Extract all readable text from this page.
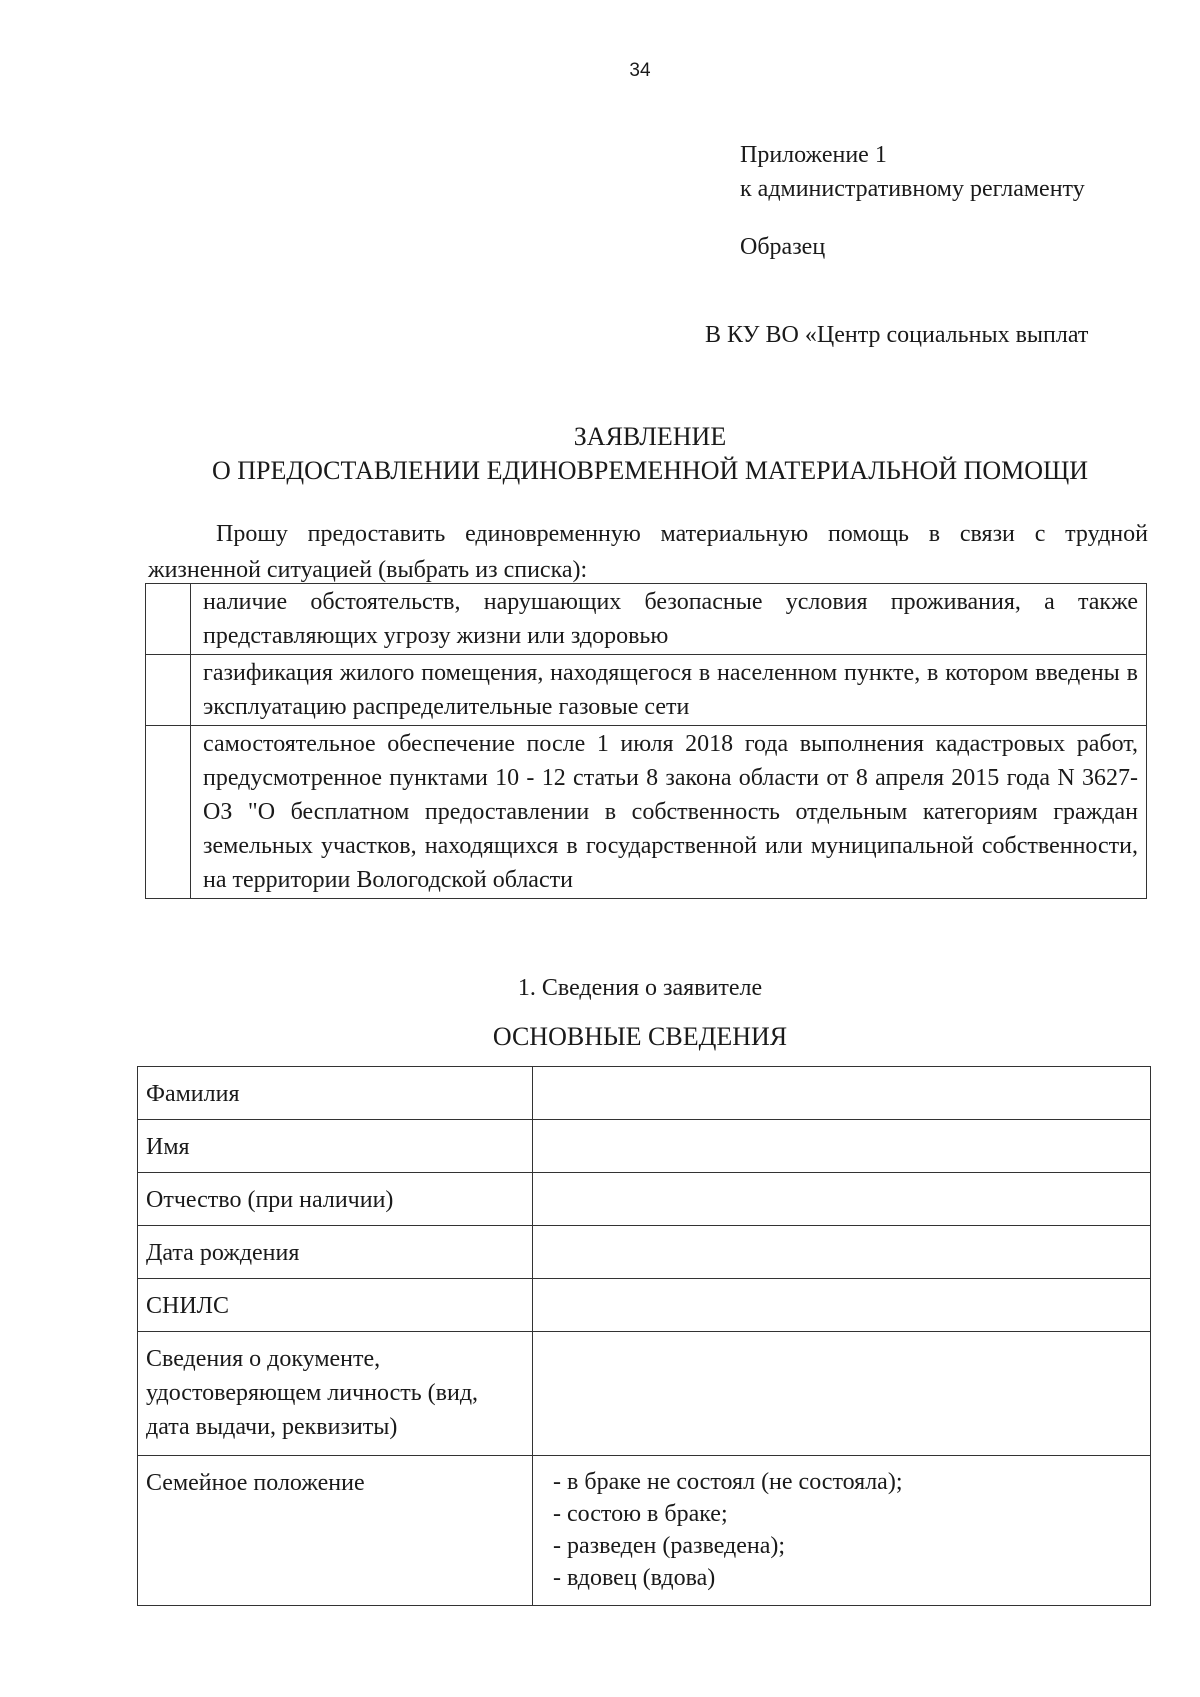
34
Приложение 1
к административному регламенту
Образец
В КУ ВО «Центр социальных выплат
ЗАЯВЛЕНИЕ
О ПРЕДОСТАВЛЕНИИ ЕДИНОВРЕМЕННОЙ МАТЕРИАЛЬНОЙ ПОМОЩИ
Прошу предоставить единовременную материальную помощь в связи с трудной жизненной ситуацией (выбрать из списка):
	наличие обстоятельств, нарушающих безопасные условия проживания, а также представляющих угрозу жизни или здоровью
	газификация жилого помещения, находящегося в населенном пункте, в котором введены в эксплуатацию распределительные газовые сети
	самостоятельное обеспечение после 1 июля 2018 года выполнения кадастровых работ, предусмотренное пунктами 10 - 12 статьи 8 закона области от 8 апреля 2015 года N 3627-ОЗ "О бесплатном предоставлении в собственность отдельным категориям граждан земельных участков, находящихся в государственной или муниципальной собственности, на территории Вологодской области
1. Сведения о заявителе
ОСНОВНЫЕ СВЕДЕНИЯ
Фамилия	
Имя	
Отчество (при наличии)	
Дата рождения	
СНИЛС	
Сведения о документе, удостоверяющем личность (вид, дата выдачи, реквизиты)	
Семейное положение	- в браке не состоял (не состояла);
- состою в браке;
- разведен (разведена);
- вдовец (вдова)
